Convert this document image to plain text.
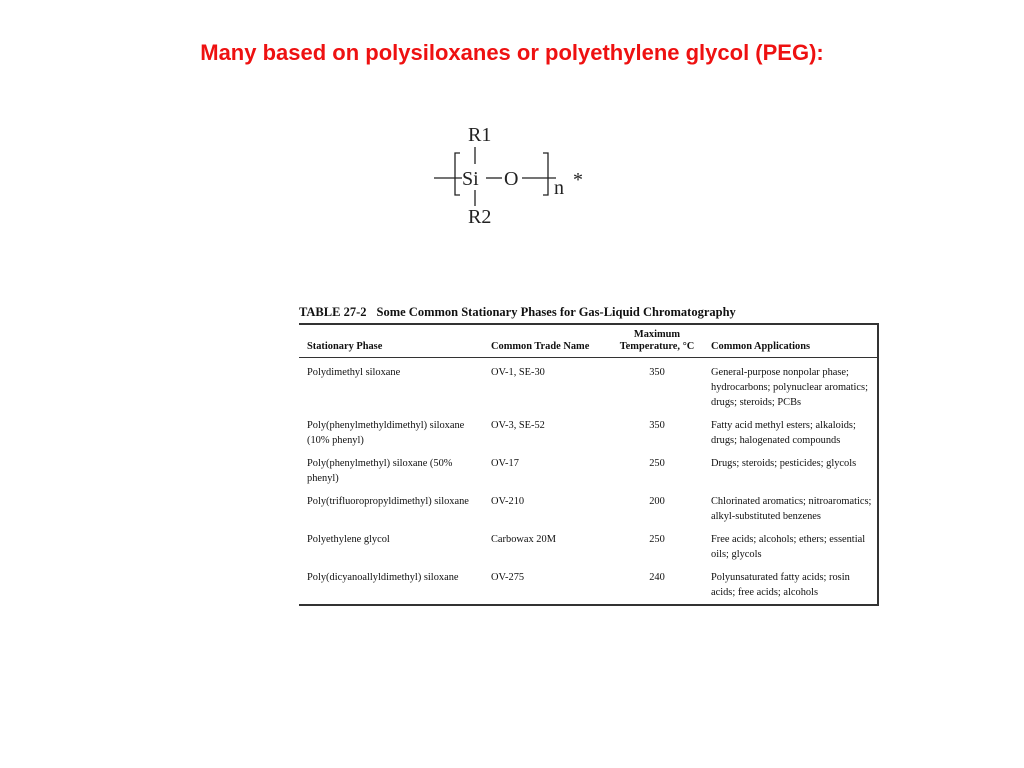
Many based on polysiloxanes or polyethylene glycol (PEG):
R1
Si O n *
R2
TABLE 27-2 Some Common Stationary Phases for Gas-Liquid Chromatography
Stationary Phase	Common Trade Name	Maximum Temperature, °C	Common Applications
Polydimethyl siloxane	OV-1, SE-30	350	General-purpose nonpolar phase; hydrocarbons; polynuclear aromatics; drugs; steroids; PCBs
Poly(phenylmethyldimethyl) siloxane (10% phenyl)	OV-3, SE-52	350	Fatty acid methyl esters; alkaloids; drugs; halogenated compounds
Poly(phenylmethyl) siloxane (50% phenyl)	OV-17	250	Drugs; steroids; pesticides; glycols
Poly(trifluoropropyldimethyl) siloxane	OV-210	200	Chlorinated aromatics; nitroaromatics; alkyl-substituted benzenes
Polyethylene glycol	Carbowax 20M	250	Free acids; alcohols; ethers; essential oils; glycols
Poly(dicyanoallyldimethyl) siloxane	OV-275	240	Polyunsaturated fatty acids; rosin acids; free acids; alcohols
